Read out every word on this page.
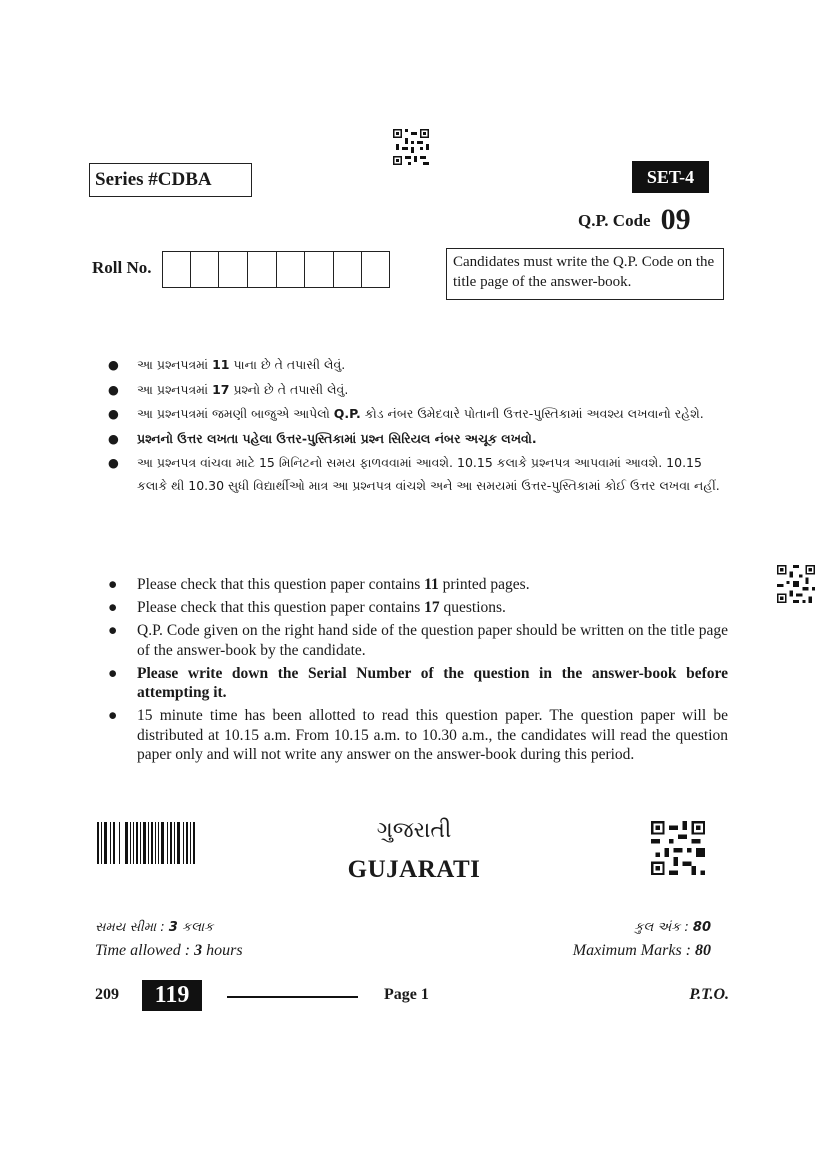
Series #CDBA	SET-4
Q.P. Code 09
Roll No.	Candidates must write the Q.P. Code on the title page of the answer-book.
● આ પ્રશ્નપત્રમાં 11 પાના છે તે તપાસી લેવું.
● આ પ્રશ્નપત્રમાં 17 પ્રશ્નો છે તે તપાસી લેવું.
● આ પ્રશ્નપત્રમાં જમણી બાજુએ આપેલો Q.P. કોડ નંબર ઉમેદવારે પોતાની ઉત્તર-પુસ્તિકામાં અવશ્ય લખવાનો રહેશે.
● પ્રશ્નનો ઉત્તર લખતા પહેલા ઉત્તર-પુસ્તિકામાં પ્રશ્ન સિરિયલ નંબર અચૂક લખવો.
● આ પ્રશ્નપત્ર વાંચવા માટે 15 મિનિટનો સમય ફાળવવામાં આવશે. 10.15 કલાકે પ્રશ્નપત્ર આપવામાં આવશે. 10.15 કલાકે થી 10.30 સુધી વિદ્યાર્થીઓ માત્ર આ પ્રશ્નપત્ર વાંચશે અને આ સમયમાં ઉત્તર-પુસ્તિકામાં કોઈ ઉત્તર લખવા નહીં.
● Please check that this question paper contains 11 printed pages.
● Please check that this question paper contains 17 questions.
● Q.P. Code given on the right hand side of the question paper should be written on the title page of the answer-book by the candidate.
● Please write down the Serial Number of the question in the answer-book before attempting it.
● 15 minute time has been allotted to read this question paper. The question paper will be distributed at 10.15 a.m. From 10.15 a.m. to 10.30 a.m., the candidates will read the question paper only and will not write any answer on the answer-book during this period.
ગુજરાતી
GUJARATI
સમય સીમા : 3 કલાક
Time allowed : 3 hours
કુલ અંક : 80
Maximum Marks : 80
209	119	Page 1	P.T.O.
